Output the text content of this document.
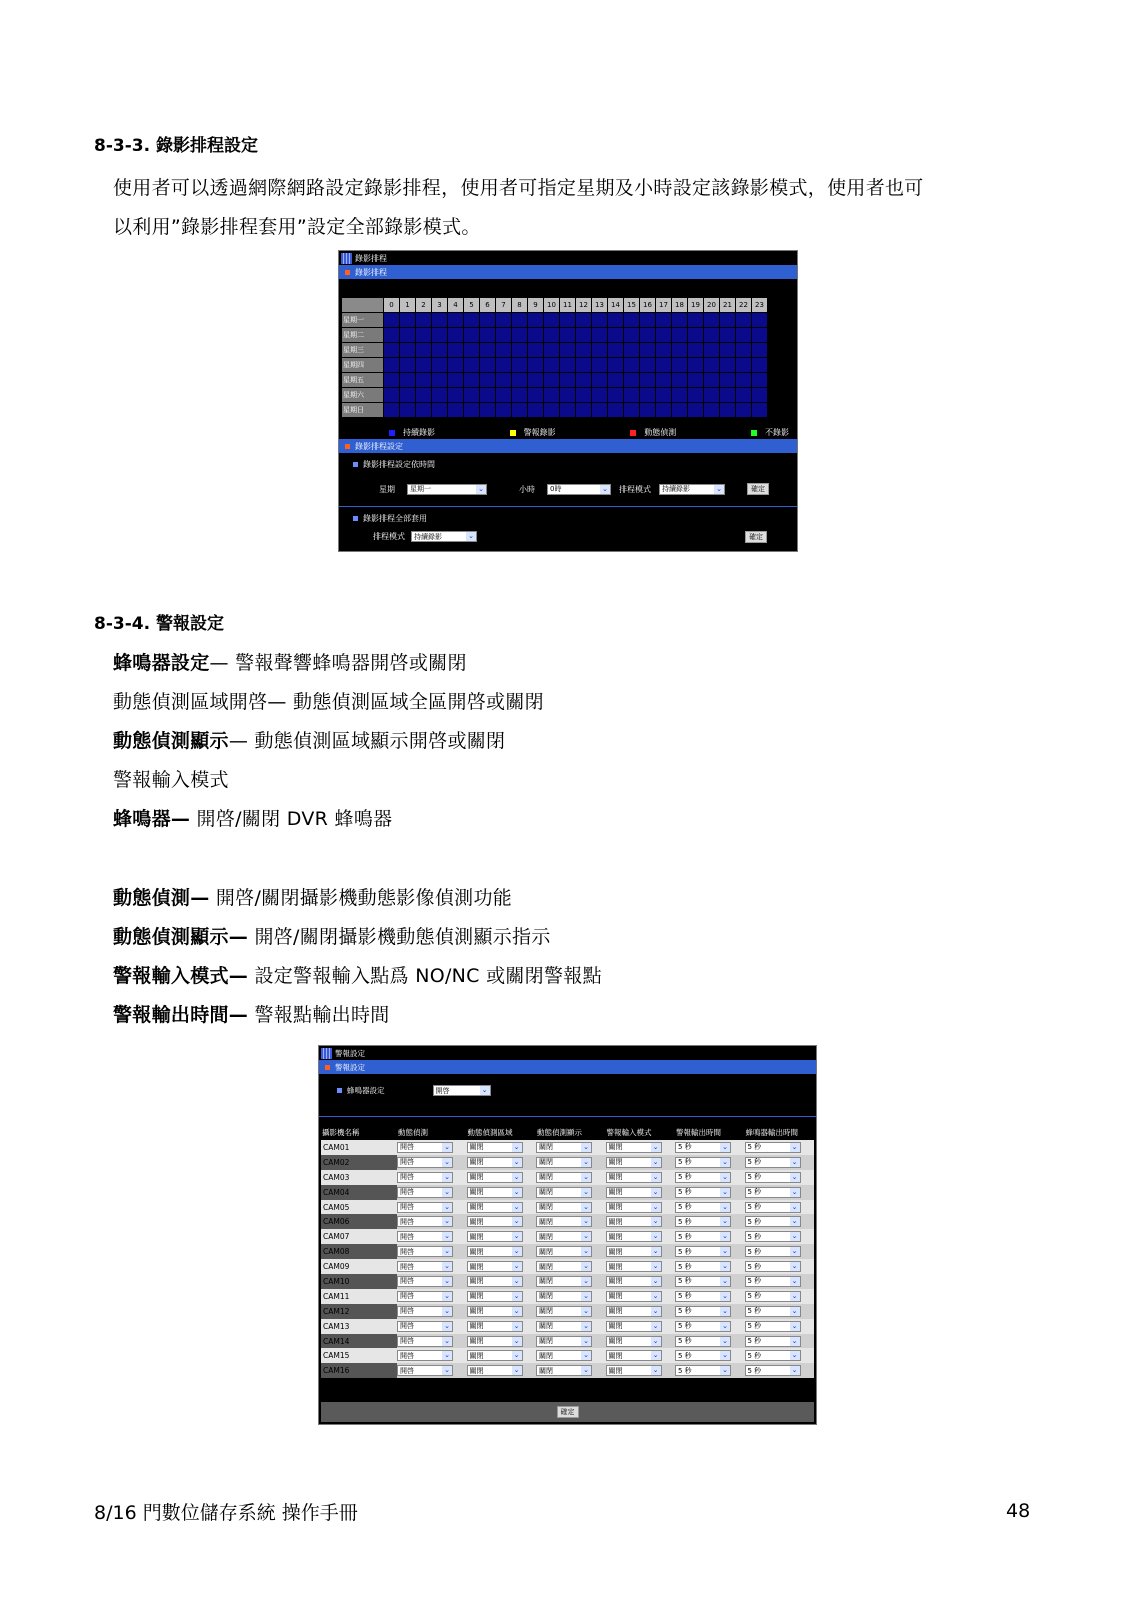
8-3-3. 錄影排程設定
使用者可以透過網際網路設定錄影排程，使用者可指定星期及小時設定該錄影模式，使用者也可
以利用”錄影排程套用”設定全部錄影模式。
錄影排程
錄影排程
	0	1	2	3	4	5	6	7	8	9	10	11	12	13	14	15	16	17	18	19	20	21	22	23
星期一																								
星期二																								
星期三																								
星期四																								
星期五																								
星期六																								
星期日																								
持續錄影	警報錄影	動態偵測	不錄影
錄影排程設定
錄影排程設定依時間
星期 星期一	⌄	小時 0時	⌄ 排程模式 持續錄影	⌄	確定
錄影排程全部套用
排程模式 持續錄影	⌄	確定
8-3-4. 警報設定
蜂鳴器設定— 警報聲響蜂鳴器開啓或關閉
動態偵測區域開啓— 動態偵測區域全區開啓或關閉
動態偵測顯示— 動態偵測區域顯示開啓或關閉
警報輸入模式
蜂鳴器— 開啓/關閉 DVR 蜂鳴器
動態偵測— 開啓/關閉攝影機動態影像偵測功能
動態偵測顯示— 開啓/關閉攝影機動態偵測顯示指示
警報輸入模式— 設定警報輸入點爲 NO/NC 或關閉警報點
警報輸出時間— 警報點輸出時間
警報設定
警報設定
蜂鳴器設定	開啓	⌄
攝影機名稱	動態偵測	動態偵測區域	動態偵測顯示	警報輸入模式	警報輸出時間	蜂鳴器輸出時間
CAM01	開啓 ⌄	關閉 ⌄	關閉 ⌄	關閉 ⌄	5 秒 ⌄	5 秒 ⌄

CAM02	開啓 ⌄	關閉 ⌄	關閉 ⌄	關閉 ⌄	5 秒 ⌄	5 秒 ⌄

CAM03	開啓 ⌄	關閉 ⌄	關閉 ⌄	關閉 ⌄	5 秒 ⌄	5 秒 ⌄

CAM04	開啓 ⌄	關閉 ⌄	關閉 ⌄	關閉 ⌄	5 秒 ⌄	5 秒 ⌄

CAM05	開啓 ⌄	關閉 ⌄	關閉 ⌄	關閉 ⌄	5 秒 ⌄	5 秒 ⌄

CAM06	開啓 ⌄	關閉 ⌄	關閉 ⌄	關閉 ⌄	5 秒 ⌄	5 秒 ⌄

CAM07	開啓 ⌄	關閉 ⌄	關閉 ⌄	關閉 ⌄	5 秒 ⌄	5 秒 ⌄

CAM08	開啓 ⌄	關閉 ⌄	關閉 ⌄	關閉 ⌄	5 秒 ⌄	5 秒 ⌄

CAM09	開啓 ⌄	關閉 ⌄	關閉 ⌄	關閉 ⌄	5 秒 ⌄	5 秒 ⌄

CAM10	開啓 ⌄	關閉 ⌄	關閉 ⌄	關閉 ⌄	5 秒 ⌄	5 秒 ⌄

CAM11	開啓 ⌄	關閉 ⌄	關閉 ⌄	關閉 ⌄	5 秒 ⌄	5 秒 ⌄

CAM12	開啓 ⌄	關閉 ⌄	關閉 ⌄	關閉 ⌄	5 秒 ⌄	5 秒 ⌄

CAM13	開啓 ⌄	關閉 ⌄	關閉 ⌄	關閉 ⌄	5 秒 ⌄	5 秒 ⌄

CAM14	開啓 ⌄	關閉 ⌄	關閉 ⌄	關閉 ⌄	5 秒 ⌄	5 秒 ⌄

CAM15	開啓 ⌄	關閉 ⌄	關閉 ⌄	關閉 ⌄	5 秒 ⌄	5 秒 ⌄

CAM16	開啓 ⌄	關閉 ⌄	關閉 ⌄	關閉 ⌄	5 秒 ⌄	5 秒 ⌄
確定
8/16 門數位儲存系統 操作手冊	48
